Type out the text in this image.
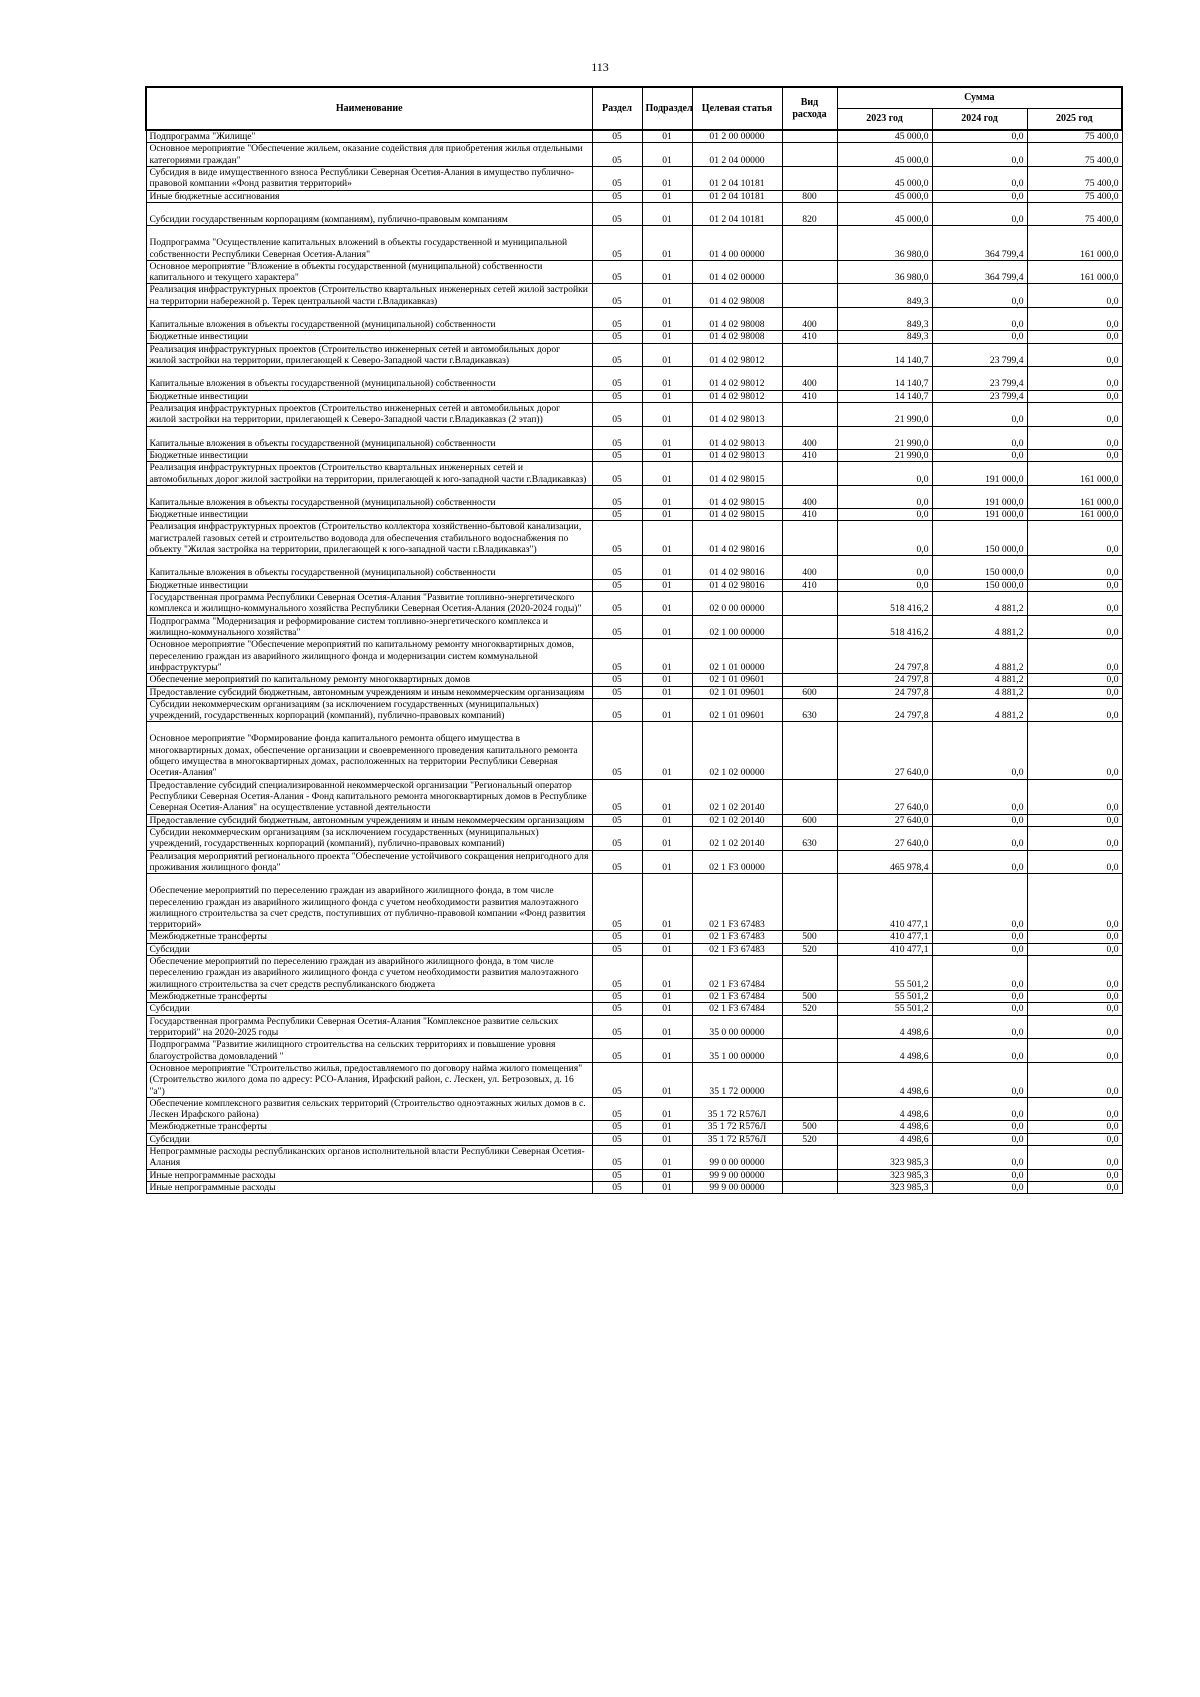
113
Наименование	Раздел	Подраздел	Целевая статья	Вид расхода	Сумма		
					2023 год	2024 год	2025 год
Подпрограмма "Жилище"	05	01	01 2 00 00000		45 000,0	0,0	75 400,0
Основное мероприятие "Обеспечение жильем, оказание содействия для приобретения жилья отдельными категориями граждан"	05	01	01 2 04 00000		45 000,0	0,0	75 400,0
Субсидия в виде имущественного взноса Республики Северная Осетия-Алания в имущество публично-правовой компании «Фонд развития территорий»	05	01	01 2 04 10181		45 000,0	0,0	75 400,0
Иные бюджетные ассигнования	05	01	01 2 04 10181	800	45 000,0	0,0	75 400,0
Субсидии государственным корпорациям (компаниям), публично-правовым компаниям	05	01	01 2 04 10181	820	45 000,0	0,0	75 400,0
Подпрограмма "Осуществление капитальных вложений в объекты государственной и муниципальной собственности Республики Северная Осетия-Алания"	05	01	01 4 00 00000		36 980,0	364 799,4	161 000,0
Основное мероприятие "Вложение в объекты государственной (муниципальной) собственности капитального и текущего характера"	05	01	01 4 02 00000		36 980,0	364 799,4	161 000,0
Реализация инфраструктурных проектов (Строительство квартальных инженерных сетей жилой застройки на территории набережной р. Терек центральной части г.Владикавказ)	05	01	01 4 02 98008		849,3	0,0	0,0
Капитальные вложения в объекты государственной (муниципальной) собственности	05	01	01 4 02 98008	400	849,3	0,0	0,0
Бюджетные инвестиции	05	01	01 4 02 98008	410	849,3	0,0	0,0
Реализация инфраструктурных проектов (Строительство инженерных сетей и автомобильных дорог жилой застройки на территории, прилегающей к Северо-Западной части г.Владикавказ)	05	01	01 4 02 98012		14 140,7	23 799,4	0,0
Капитальные вложения в объекты государственной (муниципальной) собственности	05	01	01 4 02 98012	400	14 140,7	23 799,4	0,0
Бюджетные инвестиции	05	01	01 4 02 98012	410	14 140,7	23 799,4	0,0
Реализация инфраструктурных проектов (Строительство инженерных сетей и автомобильных дорог жилой застройки на территории, прилегающей к Северо-Западной части г.Владикавказ (2 этап))	05	01	01 4 02 98013		21 990,0	0,0	0,0
Капитальные вложения в объекты государственной (муниципальной) собственности	05	01	01 4 02 98013	400	21 990,0	0,0	0,0
Бюджетные инвестиции	05	01	01 4 02 98013	410	21 990,0	0,0	0,0
Реализация инфраструктурных проектов (Строительство квартальных инженерных сетей и автомобильных дорог жилой застройки на территории, прилегающей к юго-западной части г.Владикавказ)	05	01	01 4 02 98015		0,0	191 000,0	161 000,0
Капитальные вложения в объекты государственной (муниципальной) собственности	05	01	01 4 02 98015	400	0,0	191 000,0	161 000,0
Бюджетные инвестиции	05	01	01 4 02 98015	410	0,0	191 000,0	161 000,0
Реализация инфраструктурных проектов (Строительство коллектора хозяйственно-бытовой канализации, магистралей газовых сетей и строительство водовода для обеспечения стабильного водоснабжения по объекту "Жилая застройка на территории, прилегающей к юго-западной части г.Владикавказ")	05	01	01 4 02 98016		0,0	150 000,0	0,0
Капитальные вложения в объекты государственной (муниципальной) собственности	05	01	01 4 02 98016	400	0,0	150 000,0	0,0
Бюджетные инвестиции	05	01	01 4 02 98016	410	0,0	150 000,0	0,0
Государственная программа Республики Северная Осетия-Алания "Развитие топливно-энергетического комплекса и жилищно-коммунального хозяйства Республики Северная Осетия-Алания (2020-2024 годы)"	05	01	02 0 00 00000		518 416,2	4 881,2	0,0
Подпрограмма "Модернизация и реформирование систем топливно-энергетического комплекса и жилищно-коммунального хозяйства"	05	01	02 1 00 00000		518 416,2	4 881,2	0,0
Основное мероприятие "Обеспечение мероприятий по капитальному ремонту многоквартирных домов, переселению граждан из аварийного жилищного фонда и модернизации систем коммунальной инфраструктуры"	05	01	02 1 01 00000		24 797,8	4 881,2	0,0
Обеспечение мероприятий по капитальному ремонту многоквартирных домов	05	01	02 1 01 09601		24 797,8	4 881,2	0,0
Предоставление субсидий бюджетным, автономным учреждениям и иным некоммерческим организациям	05	01	02 1 01 09601	600	24 797,8	4 881,2	0,0
Субсидии некоммерческим организациям (за исключением государственных (муниципальных) учреждений, государственных корпораций (компаний), публично-правовых компаний)	05	01	02 1 01 09601	630	24 797,8	4 881,2	0,0
Основное мероприятие "Формирование фонда капитального ремонта общего имущества в многоквартирных домах, обеспечение организации и своевременного проведения капитального ремонта общего имущества в многоквартирных домах, расположенных на территории Республики Северная Осетия-Алания"	05	01	02 1 02 00000		27 640,0	0,0	0,0
Предоставление субсидий специализированной некоммерческой организации "Региональный оператор Республики Северная Осетия-Алания - Фонд капитального ремонта многоквартирных домов в Республике Северная Осетия-Алания" на осуществление уставной деятельности	05	01	02 1 02 20140		27 640,0	0,0	0,0
Предоставление субсидий бюджетным, автономным учреждениям и иным некоммерческим организациям	05	01	02 1 02 20140	600	27 640,0	0,0	0,0
Субсидии некоммерческим организациям (за исключением государственных (муниципальных) учреждений, государственных корпораций (компаний), публично-правовых компаний)	05	01	02 1 02 20140	630	27 640,0	0,0	0,0
Реализация мероприятий регионального проекта "Обеспечение устойчивого сокращения непригодного для проживания жилищного фонда"	05	01	02 1 F3 00000		465 978,4	0,0	0,0
Обеспечение мероприятий по переселению граждан из аварийного жилищного фонда, в том числе переселению граждан из аварийного жилищного фонда с учетом необходимости развития малоэтажного жилищного строительства за счет средств, поступивших от публично-правовой компании «Фонд развития территорий»	05	01	02 1 F3 67483		410 477,1	0,0	0,0
Межбюджетные трансферты	05	01	02 1 F3 67483	500	410 477,1	0,0	0,0
Субсидии	05	01	02 1 F3 67483	520	410 477,1	0,0	0,0
Обеспечение мероприятий по переселению граждан из аварийного жилищного фонда, в том числе переселению граждан из аварийного жилищного фонда с учетом необходимости развития малоэтажного жилищного строительства за счет средств республиканского бюджета	05	01	02 1 F3 67484		55 501,2	0,0	0,0
Межбюджетные трансферты	05	01	02 1 F3 67484	500	55 501,2	0,0	0,0
Субсидии	05	01	02 1 F3 67484	520	55 501,2	0,0	0,0
Государственная программа Республики Северная Осетия-Алания "Комплексное развитие сельских территорий" на 2020-2025 годы	05	01	35 0 00 00000		4 498,6	0,0	0,0
Подпрограмма "Развитие жилищного строительства на сельских территориях и повышение уровня благоустройства домовладений "	05	01	35 1 00 00000		4 498,6	0,0	0,0
Основное мероприятие "Строительство жилья, предоставляемого по договору найма жилого помещения" (Строительство жилого дома по адресу: РСО-Алания, Ирафский район, с. Лескен, ул. Бетрозовых, д. 16 "а")	05	01	35 1 72 00000		4 498,6	0,0	0,0
Обеспечение комплексного развития сельских территорий (Строительство одноэтажных жилых домов в с. Лескен Ирафского района)	05	01	35 1 72 R576Л		4 498,6	0,0	0,0
Межбюджетные трансферты	05	01	35 1 72 R576Л	500	4 498,6	0,0	0,0
Субсидии	05	01	35 1 72 R576Л	520	4 498,6	0,0	0,0
Непрограммные расходы республиканских органов исполнительной власти Республики Северная Осетия-Алания	05	01	99 0 00 00000		323 985,3	0,0	0,0
Иные непрограммные расходы	05	01	99 9 00 00000		323 985,3	0,0	0,0
Иные непрограммные расходы	05	01	99 9 00 00000		323 985,3	0,0	0,0
